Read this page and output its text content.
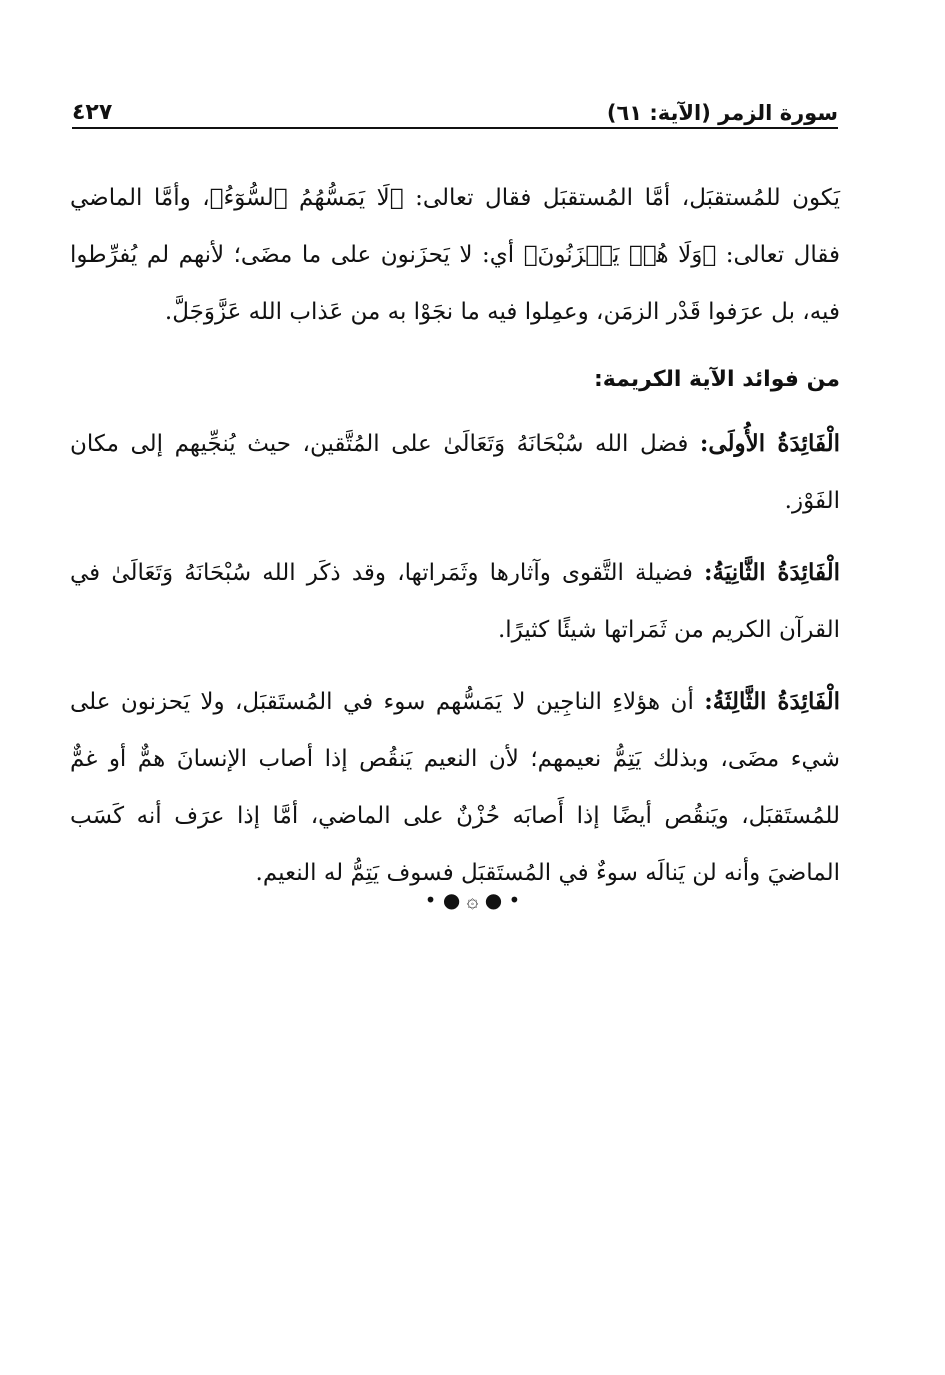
سورة الزمر (الآية: ٦١)
٤٢٧

يَكون للمُستقبَل، أمَّا المُستقبَل فقال تعالى: ﴿لَا يَمَسُّهُمُ ٱلسُّوٓءُ﴾، وأمَّا الماضي فقال تعالى: ﴿وَلَا هُمۡ يَحۡزَنُونَ﴾ أي: لا يَحزَنون على ما مضَى؛ لأنهم لم يُفرِّطوا فيه، بل عرَفوا قَدْر الزمَن، وعمِلوا فيه ما نجَوْا به من عَذاب الله عَزَّوَجَلَّ.

من فوائد الآية الكريمة:

الْفَائِدَةُ الأُولَى: فضل الله سُبْحَانَهُ وَتَعَالَىٰ على المُتَّقين، حيث يُنجِّيهم إلى مكان الفَوْز.

الْفَائِدَةُ الثَّانِيَةُ: فضيلة التَّقوى وآثارها وثَمَراتها، وقد ذكَر الله سُبْحَانَهُ وَتَعَالَىٰ في القرآن الكريم من ثَمَراتها شيئًا كثيرًا.

الْفَائِدَةُ الثَّالِثَةُ: أن هؤلاءِ الناجِين لا يَمَسُّهم سوء في المُستَقبَل، ولا يَحزنون على شيء مضَى، وبذلك يَتِمُّ نعيمهم؛ لأن النعيم يَنقُص إذا أصاب الإنسانَ همٌّ أو غمٌّ للمُستَقبَل، ويَنقُص أيضًا إذا أَصابَه حُزْنٌ على الماضي، أمَّا إذا عرَف أنه كَسَب الماضيَ وأنه لن يَنالَه سوءٌ في المُستَقبَل فسوف يَتِمُّ له النعيم.

• ● ۞ ● •
